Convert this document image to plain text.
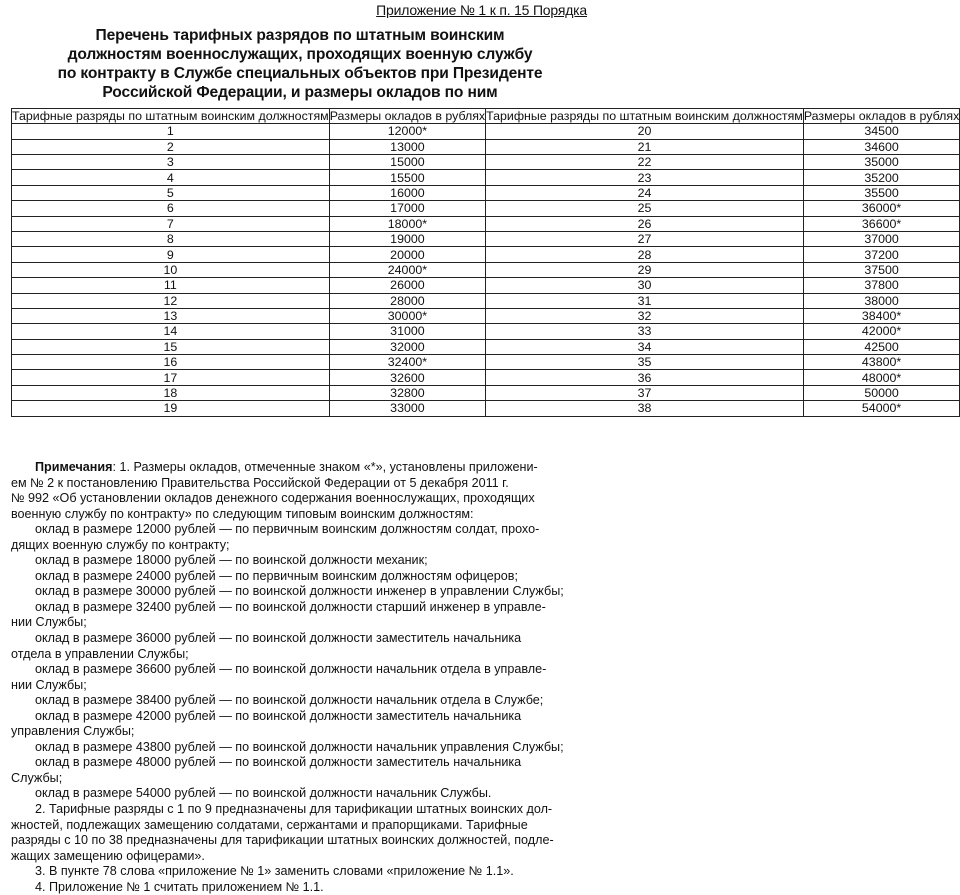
Приложение № 1 к п. 15 Порядка
Перечень тарифных разрядов по штатным воинским
должностям военнослужащих, проходящих военную службу
по контракту в Службе специальных объектов при Президенте
Российской Федерации, и размеры окладов по ним
Тарифные разряды по штатным воинским должностям	Размеры окладов в рублях	Тарифные разряды по штатным воинским должностям	Размеры окладов в рублях
1	12000*	20	34500
2	13000	21	34600
3	15000	22	35000
4	15500	23	35200
5	16000	24	35500
6	17000	25	36000*
7	18000*	26	36600*
8	19000	27	37000
9	20000	28	37200
10	24000*	29	37500
11	26000	30	37800
12	28000	31	38000
13	30000*	32	38400*
14	31000	33	42000*
15	32000	34	42500
16	32400*	35	43800*
17	32600	36	48000*
18	32800	37	50000
19	33000	38	54000*

Примечания: 1. Размеры окладов, отмеченные знаком «*», установлены приложени-

ем № 2 к постановлению Правительства Российской Федерации от 5 декабря 2011 г.

№ 992 «Об установлении окладов денежного содержания военнослужащих, проходящих

военную службу по контракту» по следующим типовым воинским должностям:

оклад в размере 12000 рублей — по первичным воинским должностям солдат, прохо-

дящих военную службу по контракту;

оклад в размере 18000 рублей — по воинской должности механик;

оклад в размере 24000 рублей — по первичным воинским должностям офицеров;

оклад в размере 30000 рублей — по воинской должности инженер в управлении Службы;

оклад в размере 32400 рублей — по воинской должности старший инженер в управле-

нии Службы;

оклад в размере 36000 рублей — по воинской должности заместитель начальника

отдела в управлении Службы;

оклад в размере 36600 рублей — по воинской должности начальник отдела в управле-

нии Службы;

оклад в размере 38400 рублей — по воинской должности начальник отдела в Службе;

оклад в размере 42000 рублей — по воинской должности заместитель начальника

управления Службы;

оклад в размере 43800 рублей — по воинской должности начальник управления Службы;

оклад в размере 48000 рублей — по воинской должности заместитель начальника

Службы;

оклад в размере 54000 рублей — по воинской должности начальник Службы.

2. Тарифные разряды с 1 по 9 предназначены для тарификации штатных воинских дол-

жностей, подлежащих замещению солдатами, сержантами и прапорщиками. Тарифные

разряды с 10 по 38 предназначены для тарификации штатных воинских должностей, подле-

жащих замещению офицерами».

3. В пункте 78 слова «приложение № 1» заменить словами «приложение № 1.1».

4. Приложение № 1 считать приложением № 1.1.
